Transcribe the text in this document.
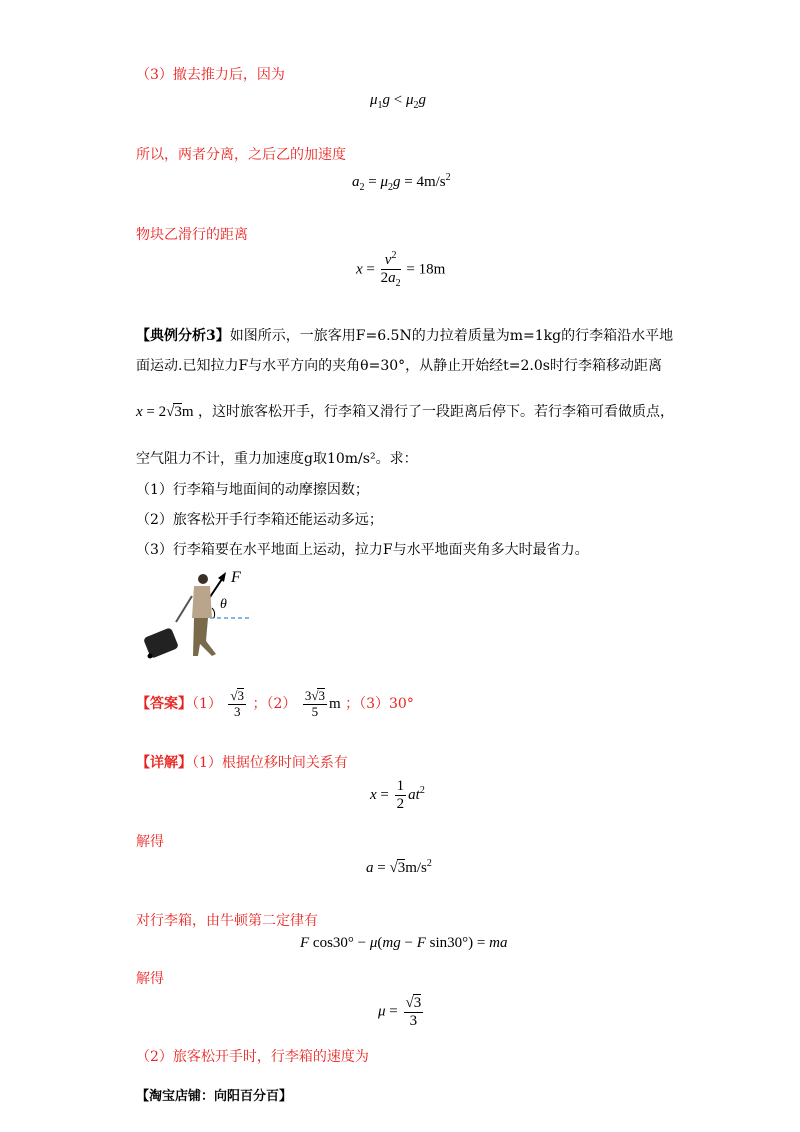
（3）撤去推力后，因为
$\mu_1g < \mu_2g$
所以，两者分离，之后乙的加速度
$a_2 = \mu_2g = 4m/s^2$
物块乙滑行的距离
$x = \frac{v^2}{2a_2} = 18m$
【典例分析3】如图所示，一旅客用F=6.5N的力拉着质量为m=1kg的行李箱沿水平地
面运动.已知拉力F与水平方向的夹角θ=30°，从静止开始经t=2.0s时行李箱移动距离
x = 2√3m ，这时旅客松开手，行李箱又滑行了一段距离后停下。若行李箱可看做质点，
空气阻力不计，重力加速度g取10m/s²。求：
（1）行李箱与地面间的动摩擦因数；
（2）旅客松开手行李箱还能运动多远；
（3）行李箱要在水平地面上运动，拉力F与水平地面夹角多大时最省力。
F
θ
【答案】$(1) \frac{√3}{3}$ ；$(2) \frac{3√3}{5}$ m ；（3）30°
【详解】（1）根据位移时间关系有
$x = \frac{1}{2} at^2$
解得
$a = √3m/s^2$
对行李箱，由牛顿第二定律有
F cos30° − μ(mg − F sin30°) = ma
解得
$\mu = \frac{√3}{3}$
（2）旅客松开手时，行李箱的速度为
【淘宝店铺：向阳百分百】
